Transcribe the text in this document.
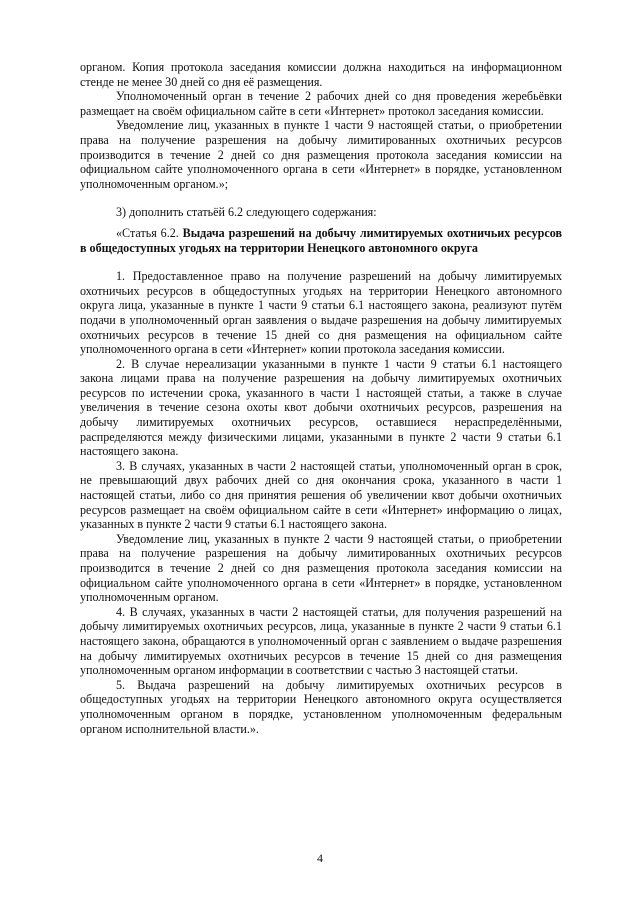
органом. Копия протокола заседания комиссии должна находиться на информационном стенде не менее 30 дней со дня её размещения.

Уполномоченный орган в течение 2 рабочих дней со дня проведения жеребьёвки размещает на своём официальном сайте в сети «Интернет» протокол заседания комиссии.

Уведомление лиц, указанных в пункте 1 части 9 настоящей статьи, о приобретении права на получение разрешения на добычу лимитированных охотничьих ресурсов производится в течение 2 дней со дня размещения протокола заседания комиссии на официальном сайте уполномоченного органа в сети «Интернет» в порядке, установленном уполномоченным органом.»;

3) дополнить статьёй 6.2 следующего содержания:

«Статья 6.2. Выдача разрешений на добычу лимитируемых охотничьих ресурсов в общедоступных угодьях на территории Ненецкого автономного округа

1. Предоставленное право на получение разрешений на добычу лимитируемых охотничьих ресурсов в общедоступных угодьях на территории Ненецкого автономного округа лица, указанные в пункте 1 части 9 статьи 6.1 настоящего закона, реализуют путём подачи в уполномоченный орган заявления о выдаче разрешения на добычу лимитируемых охотничьих ресурсов в течение 15 дней со дня размещения на официальном сайте уполномоченного органа в сети «Интернет» копии протокола заседания комиссии.

2. В случае нереализации указанными в пункте 1 части 9 статьи 6.1 настоящего закона лицами права на получение разрешения на добычу лимитируемых охотничьих ресурсов по истечении срока, указанного в части 1 настоящей статьи, а также в случае увеличения в течение сезона охоты квот добычи охотничьих ресурсов, разрешения на добычу лимитируемых охотничьих ресурсов, оставшиеся нераспределёнными, распределяются между физическими лицами, указанными в пункте 2 части 9 статьи 6.1 настоящего закона.

3. В случаях, указанных в части 2 настоящей статьи, уполномоченный орган в срок, не превышающий двух рабочих дней со дня окончания срока, указанного в части 1 настоящей статьи, либо со дня принятия решения об увеличении квот добычи охотничьих ресурсов размещает на своём официальном сайте в сети «Интернет» информацию о лицах, указанных в пункте 2 части 9 статьи 6.1 настоящего закона.

Уведомление лиц, указанных в пункте 2 части 9 настоящей статьи, о приобретении права на получение разрешения на добычу лимитированных охотничьих ресурсов производится в течение 2 дней со дня размещения протокола заседания комиссии на официальном сайте уполномоченного органа в сети «Интернет» в порядке, установленном уполномоченным органом.

4. В случаях, указанных в части 2 настоящей статьи, для получения разрешений на добычу лимитируемых охотничьих ресурсов, лица, указанные в пункте 2 части 9 статьи 6.1 настоящего закона, обращаются в уполномоченный орган с заявлением о выдаче разрешения на добычу лимитируемых охотничьих ресурсов в течение 15 дней со дня размещения уполномоченным органом информации в соответствии с частью 3 настоящей статьи.

5. Выдача разрешений на добычу лимитируемых охотничьих ресурсов в общедоступных угодьях на территории Ненецкого автономного округа осуществляется уполномоченным органом в порядке, установленном уполномоченным федеральным органом исполнительной власти.».

4
